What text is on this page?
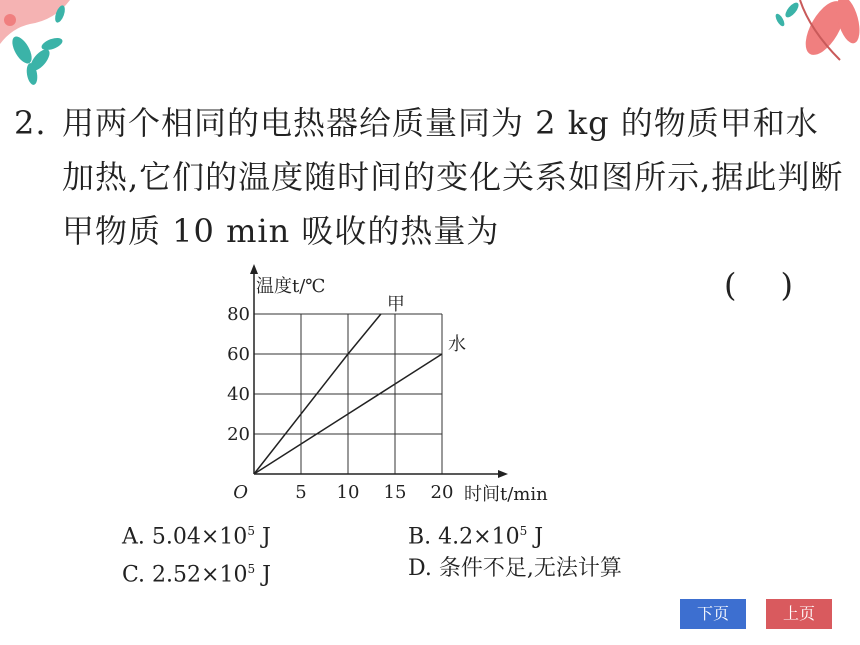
2. 用两个相同的电热器给质量同为 2 kg 的物质甲和水加热,它们的温度随时间的变化关系如图所示,据此判断甲物质 10 min 吸收的热量为
()
甲
水
5 10 15 20
20
40
60
80
O
温度t/℃
时间t/min
A. $5.04\times 10^5$ J	B. $4.2\times 10^5$ J
C. $2.52\times 10^5$ J	D. 条件不足,无法计算
下页	上页
